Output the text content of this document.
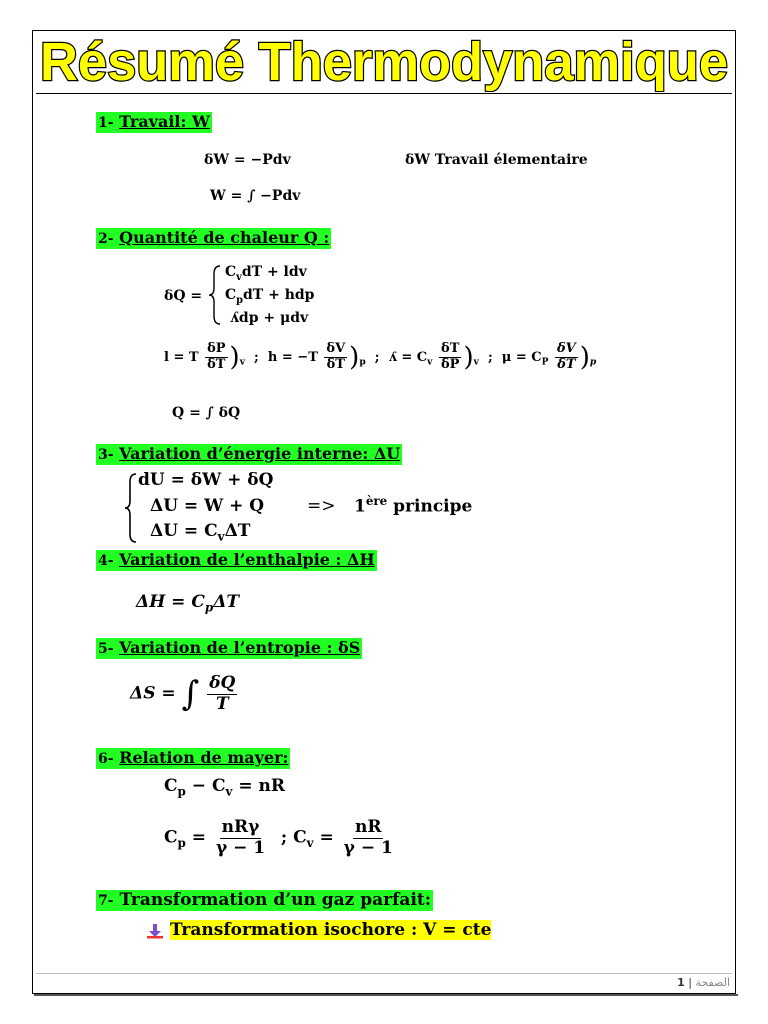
Résumé Thermodynamique
1- Travail: W
δW = −Pdv	δW Travail élementaire
W = ∫ −Pdv
2- Quantité de chaleur Q :
δQ =
$C_vdT$ + ldv
$C_pdT$ + hdp
ʎdp + μdv
l = T $\frac{\delta P}{\delta T} )_v$  ;  $h = -T \frac{\delta V}{\delta T} )_p$  ;  ʎ = $C_v \frac{\delta T}{\delta P} )_v$  ;  $\mu = C_P \frac{\delta V}{\delta T} )_p$
Q = ∫ δQ
3- Variation d’énergie interne: ΔU
dU = δW + δQ
ΔU = W + Q	=> 1ère principe
$\Delta U = C_v\Delta T$
4- Variation de l’enthalpie : ΔH
$\Delta H = C_p\Delta T$
5- Variation de l’entropie : δS
ΔS = ∫ $\frac{\delta Q}{T}$
6- Relation de mayer:
$C_p - C_v$ = nR
$C_p = \frac{\text{nRγ}}{\gamma - 1}$ ; $C_v = \frac{nR}{\gamma - 1}$
7- Transformation d’un gaz parfait:
Transformation isochore : V = cte
الصفحة | 1
